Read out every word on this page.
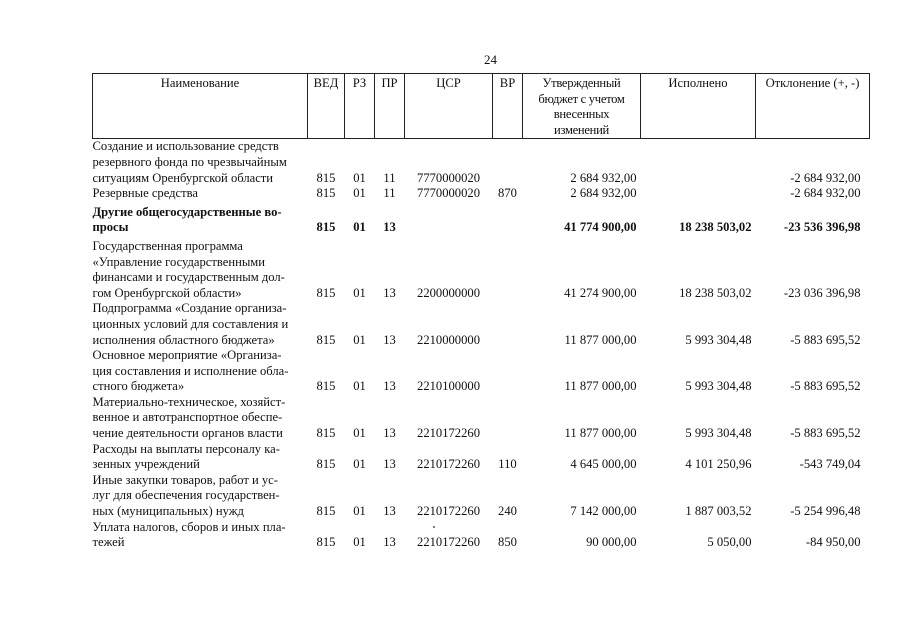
24
Наименование	ВЕД	РЗ	ПР	ЦСР	ВР	Утвержденный бюджет с учетом внесенных изменений	Исполнено	Отклонение (+, -)

Создание и использование средств
резервного фонда по чрезвычайным
ситуациям Оренбургской области	815	01	11	7770000020		2 684 932,00		-2 684 932,00

Резервные средства	815	01	11	7770000020	870	2 684 932,00		-2 684 932,00

Другие общегосударственные во-
просы	815	01	13			41 774 900,00	18 238 503,02	-23 536 396,98

Государственная программа
«Управление государственными
финансами и государственным дол-
гом Оренбургской области»	815	01	13	2200000000		41 274 900,00	18 238 503,02	-23 036 396,98

Подпрограмма «Создание организа-
ционных условий для составления и
исполнения областного бюджета»	815	01	13	2210000000		11 877 000,00	5 993 304,48	-5 883 695,52

Основное мероприятие «Организа-
ция составления и исполнение обла-
стного бюджета»	815	01	13	2210100000		11 877 000,00	5 993 304,48	-5 883 695,52

Материально-техническое, хозяйст-
венное и автотранспортное обеспе-
чение деятельности органов власти	815	01	13	2210172260		11 877 000,00	5 993 304,48	-5 883 695,52

Расходы на выплаты персоналу ка-
зенных учреждений	815	01	13	2210172260	110	4 645 000,00	4 101 250,96	-543 749,04

Иные закупки товаров, работ и ус-
луг для обеспечения государствен-
ных (муниципальных) нужд	815	01	13	2210172260	240	7 142 000,00	1 887 003,52	-5 254 996,48

Уплата налогов, сборов и иных пла-
тежей	815	01	13	2210172260	850	90 000,00	5 050,00	-84 950,00
